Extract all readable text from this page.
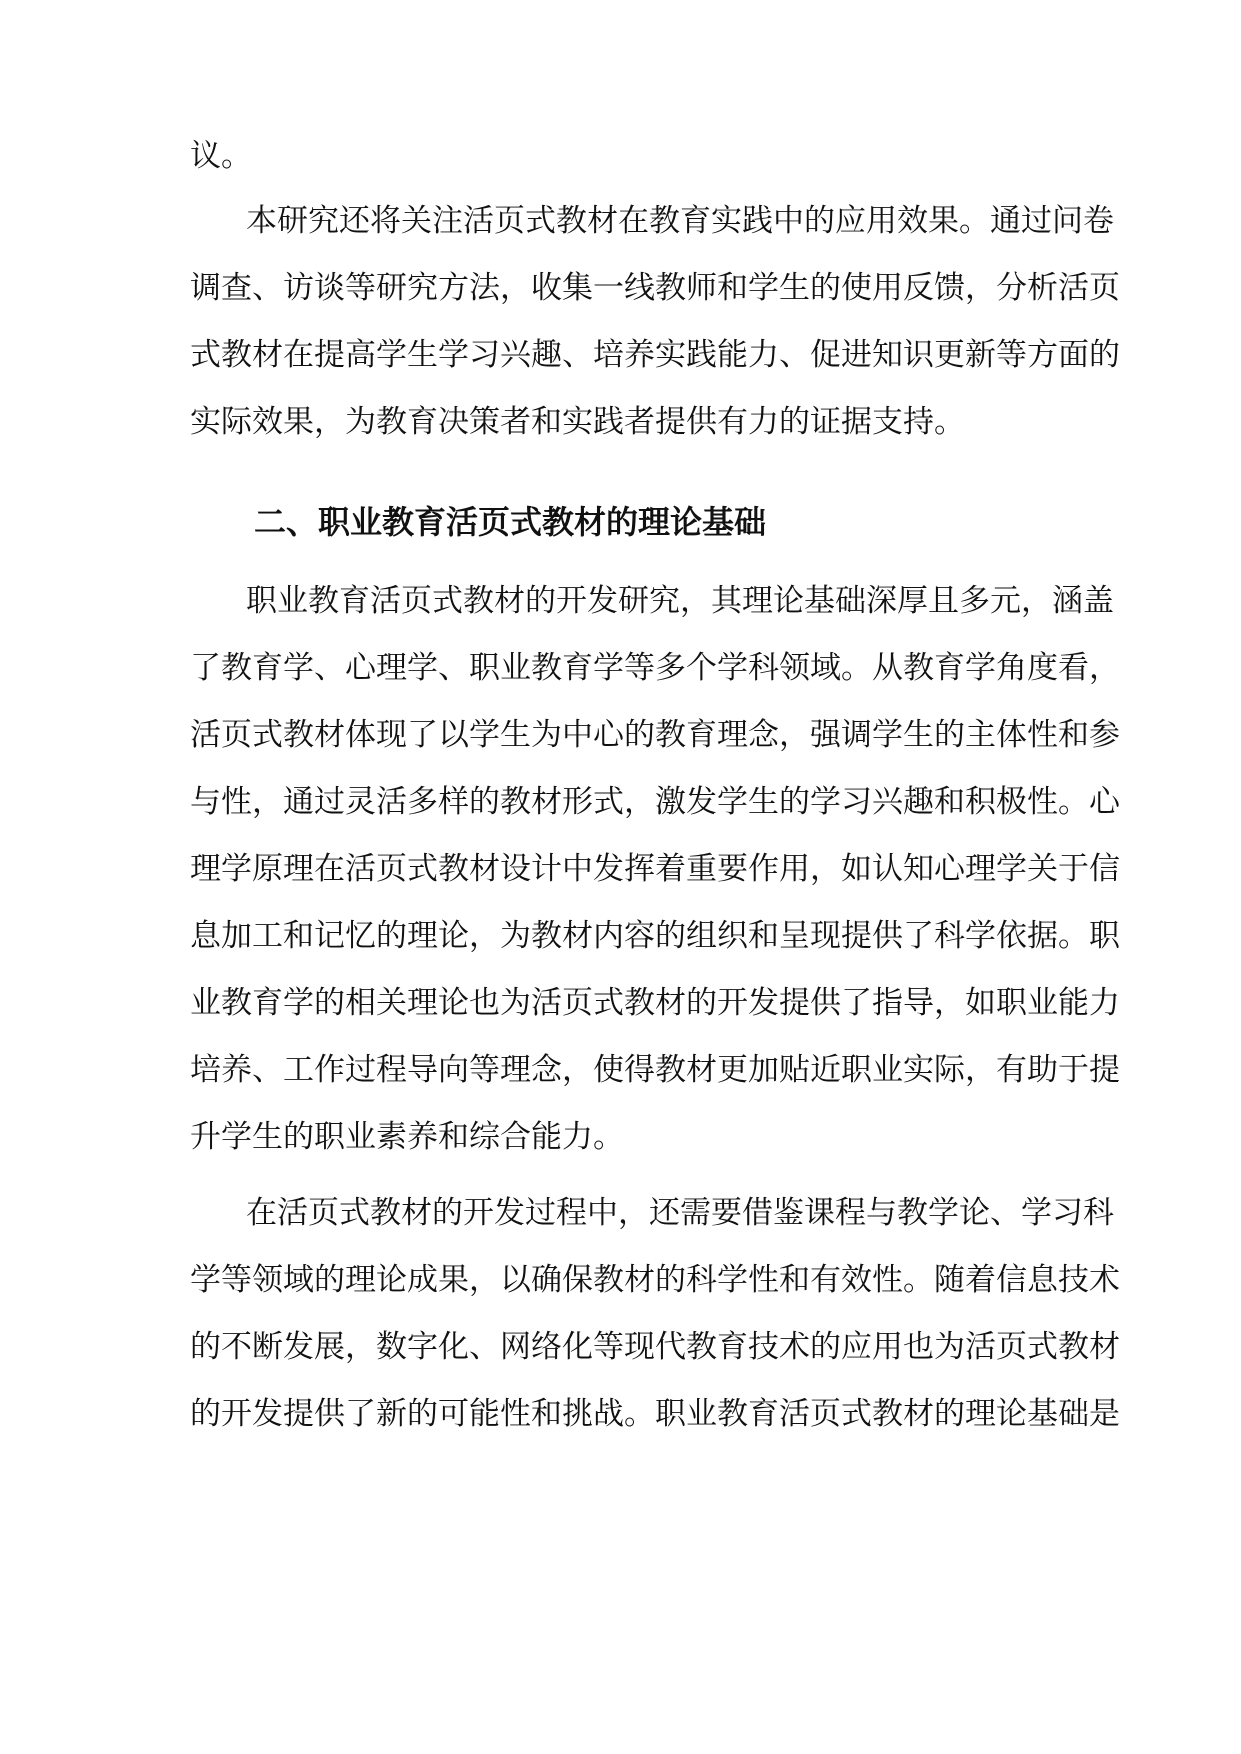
议。
本研究还将关注活页式教材在教育实践中的应用效果。通过问卷
调查、访谈等研究方法，收集一线教师和学生的使用反馈，分析活页
式教材在提高学生学习兴趣、培养实践能力、促进知识更新等方面的
实际效果，为教育决策者和实践者提供有力的证据支持。
二、职业教育活页式教材的理论基础
职业教育活页式教材的开发研究，其理论基础深厚且多元，涵盖
了教育学、心理学、职业教育学等多个学科领域。从教育学角度看，
活页式教材体现了以学生为中心的教育理念，强调学生的主体性和参
与性，通过灵活多样的教材形式，激发学生的学习兴趣和积极性。心
理学原理在活页式教材设计中发挥着重要作用，如认知心理学关于信
息加工和记忆的理论，为教材内容的组织和呈现提供了科学依据。职
业教育学的相关理论也为活页式教材的开发提供了指导，如职业能力
培养、工作过程导向等理念，使得教材更加贴近职业实际，有助于提
升学生的职业素养和综合能力。
在活页式教材的开发过程中，还需要借鉴课程与教学论、学习科
学等领域的理论成果，以确保教材的科学性和有效性。随着信息技术
的不断发展，数字化、网络化等现代教育技术的应用也为活页式教材
的开发提供了新的可能性和挑战。职业教育活页式教材的理论基础是
